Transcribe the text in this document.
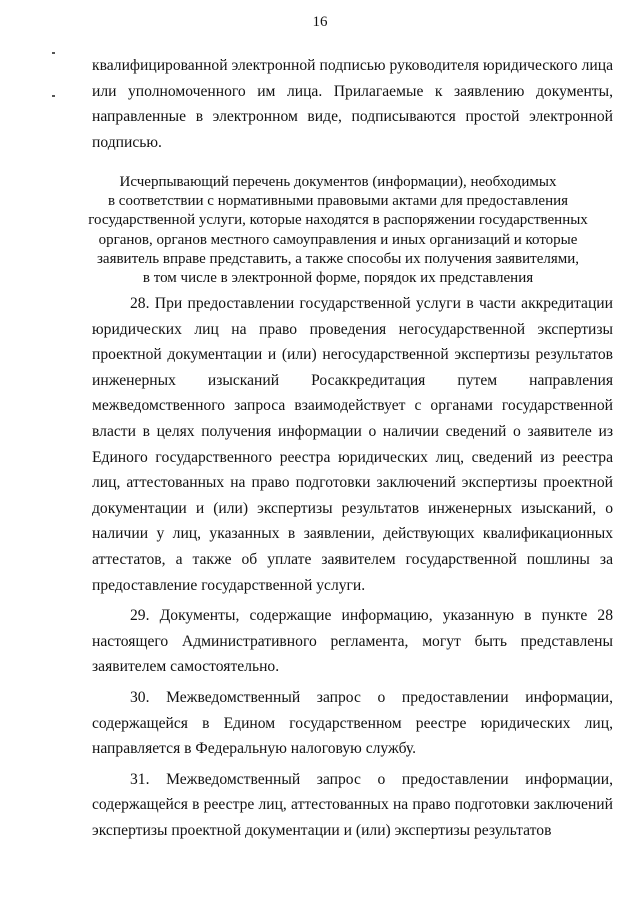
16

квалифицированной электронной подписью руководителя юридического лица или уполномоченного им лица. Прилагаемые к заявлению документы, направленные в электронном виде, подписываются простой электронной подписью.

Исчерпывающий перечень документов (информации), необходимых
в соответствии с нормативными правовыми актами для предоставления
государственной услуги, которые находятся в распоряжении государственных
органов, органов местного самоуправления и иных организаций и которые
заявитель вправе представить, а также способы их получения заявителями,
в том числе в электронной форме, порядок их представления

28. При предоставлении государственной услуги в части аккредитации юридических лиц на право проведения негосударственной экспертизы проектной документации и (или) негосударственной экспертизы результатов инженерных изысканий Росаккредитация путем направления межведомственного запроса взаимодействует с органами государственной власти в целях получения информации о наличии сведений о заявителе из Единого государственного реестра юридических лиц, сведений из реестра лиц, аттестованных на право подготовки заключений экспертизы проектной документации и (или) экспертизы результатов инженерных изысканий, о наличии у лиц, указанных в заявлении, действующих квалификационных аттестатов, а также об уплате заявителем государственной пошлины за предоставление государственной услуги.

29. Документы, содержащие информацию, указанную в пункте 28 настоящего Административного регламента, могут быть представлены заявителем самостоятельно.

30. Межведомственный запрос о предоставлении информации, содержащейся в Едином государственном реестре юридических лиц, направляется в Федеральную налоговую службу.

31. Межведомственный запрос о предоставлении информации, содержащейся в реестре лиц, аттестованных на право подготовки заключений экспертизы проектной документации и (или) экспертизы результатов
